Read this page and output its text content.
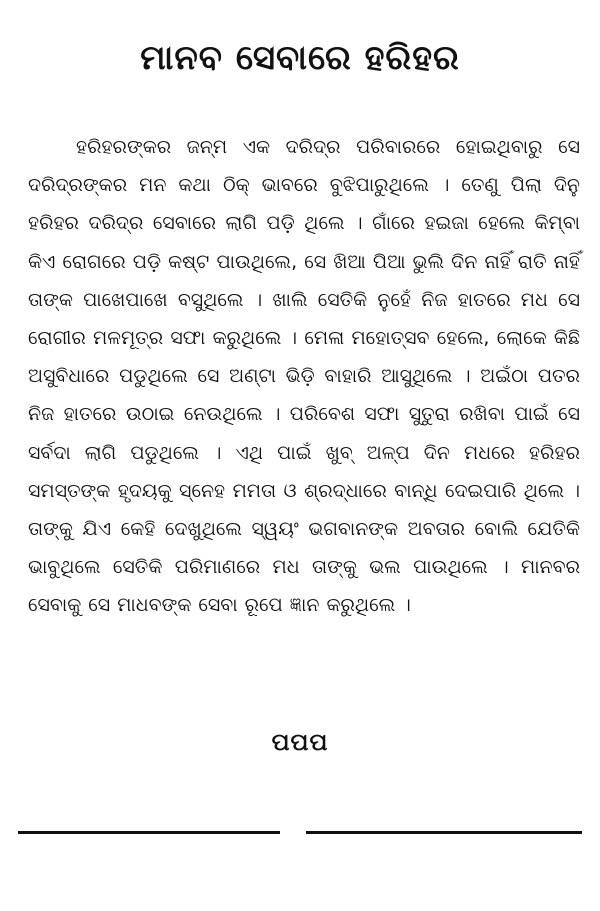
ମାନବ ସେବାରେ ହରିହର

ହରିହରଙ୍କର ଜନ୍ମ ଏକ ଦରିଦ୍ର ପରିବାରରେ ହୋଇଥିବାରୁ ସେ ଦରିଦ୍ରଙ୍କର ମନ କଥା ଠିକ୍ ଭାବରେ ବୁଝିପାରୁଥିଲେ । ତେଣୁ ପିଲା ଦିନୁ ହରିହର ଦରିଦ୍ର ସେବାରେ ଲାଗି ପଡ଼ି ଥିଲେ । ଗାଁରେ ହଇଜା ହେଲେ କିମ୍ବା କିଏ ରୋଗରେ ପଡ଼ି କଷ୍ଟ ପାଉଥିଲେ, ସେ ଖିଆ ପିଆ ଭୁଲି ଦିନ ନାହିଁ ରାତି ନାହିଁ ତାଙ୍କ ପାଖେପାଖେ ବସୁଥିଲେ । ଖାଲି ସେତିକି ନୁହେଁ ନିଜ ହାତରେ ମଧ ସେ ରୋଗୀର ମଳମୂତ୍ର ସଫା କରୁଥିଲେ । ମେଳା ମହୋତ୍ସବ ହେଲେ, ଲୋକେ କିଛି ଅସୁବିଧାରେ ପଡୁଥିଲେ ସେ ଅଣ୍ଟା ଭିଡ଼ି ବାହାରି ଆସୁଥିଲେ । ଅଇଁଠା ପତର ନିଜ ହାତରେ ଉଠାଇ ନେଉଥିଲେ । ପରିବେଶ ସଫା ସୁତୁରା ରଖିବା ପାଇଁ ସେ ସର୍ବଦା ଲାଗି ପଡୁଥିଲେ । ଏଥି ପାଇଁ ଖୁବ୍ ଅଳ୍ପ ଦିନ ମଧରେ ହରିହର ସମସ୍ତଙ୍କ ହୃଦୟକୁ ସ୍ନେହ ମମତା ଓ ଶ୍ରଦ୍ଧାରେ ବାନ୍ଧି ଦେଇପାରି ଥିଲେ । ତାଙ୍କୁ ଯିଏ କେହି ଦେଖୁଥିଲେ ସ୍ୱୟଂ ଭଗବାନଙ୍କ ଅବତାର ବୋଲି ଯେତିକି ଭାବୁଥିଲେ ସେତିକି ପରିମାଣରେ ମଧ ତାଙ୍କୁ ଭଲ ପାଉଥିଲେ । ମାନବର ସେବାକୁ ସେ ମାଧବଙ୍କ ସେବା ରୂପେ ଜ୍ଞାନ କରୁଥିଲେ ।

ପପପ
